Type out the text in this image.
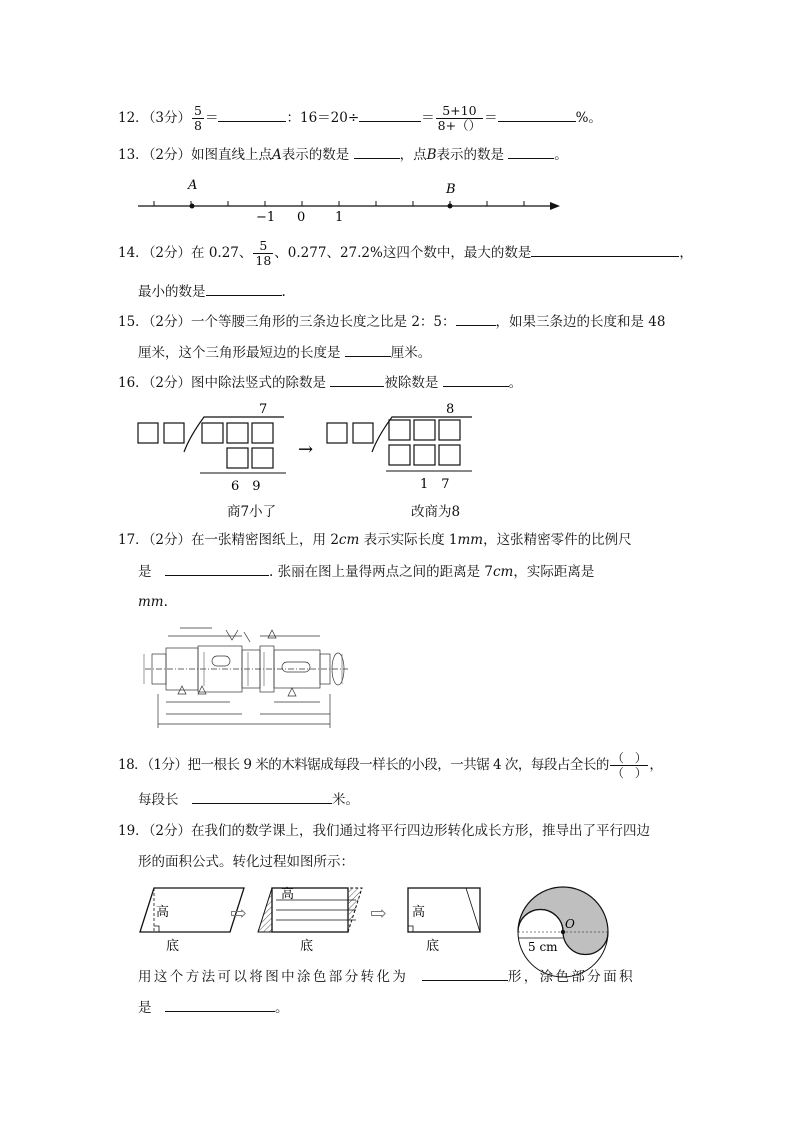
12．（3分） $\frac{5}{8}$ ＝	：16＝20÷	＝ $\frac{5+10}{8+()}$ ＝	%。
13．（2分）如图直线上点A表示的数是	，点B表示的数是	。
A	B
−1 0 1
14．（2分）在 0.27、 $\frac{5}{18}$ 、0.277、27.2%这四个数中，最大的数是	，
最小的数是	.
15．（2分）一个等腰三角形的三条边长度之比是 2：5：	，如果三条边的长度和是 48
厘米，这个三角形最短边的长度是	厘米。
16．（2分）图中除法竖式的除数是	被除数是	。
7
6　9
→
8
1　7
商7小了	改商为8
17．（2分）在一张精密图纸上，用 2cm 表示实际长度 1mm，这张精密零件的比例尺
是　	. 张丽在图上量得两点之间的距离是 7cm，实际距离是
mm.
18．（1分）把一根长 9 米的木料锯成每段一样长的小段，一共锯 4 次，每段占全长的 $\frac{( )}{( )}$ ，
每段长　	米。
19．（2分）在我们的数学课上，我们通过将平行四边形转化成长方形，推导出了平行四边
形的面积公式。转化过程如图所示：
高
底
⇨
高
底
⇨ 高
底
O
5 cm
用这个方法可以将图中涂色部分转化为　	形，涂色部分面积
是　	。
